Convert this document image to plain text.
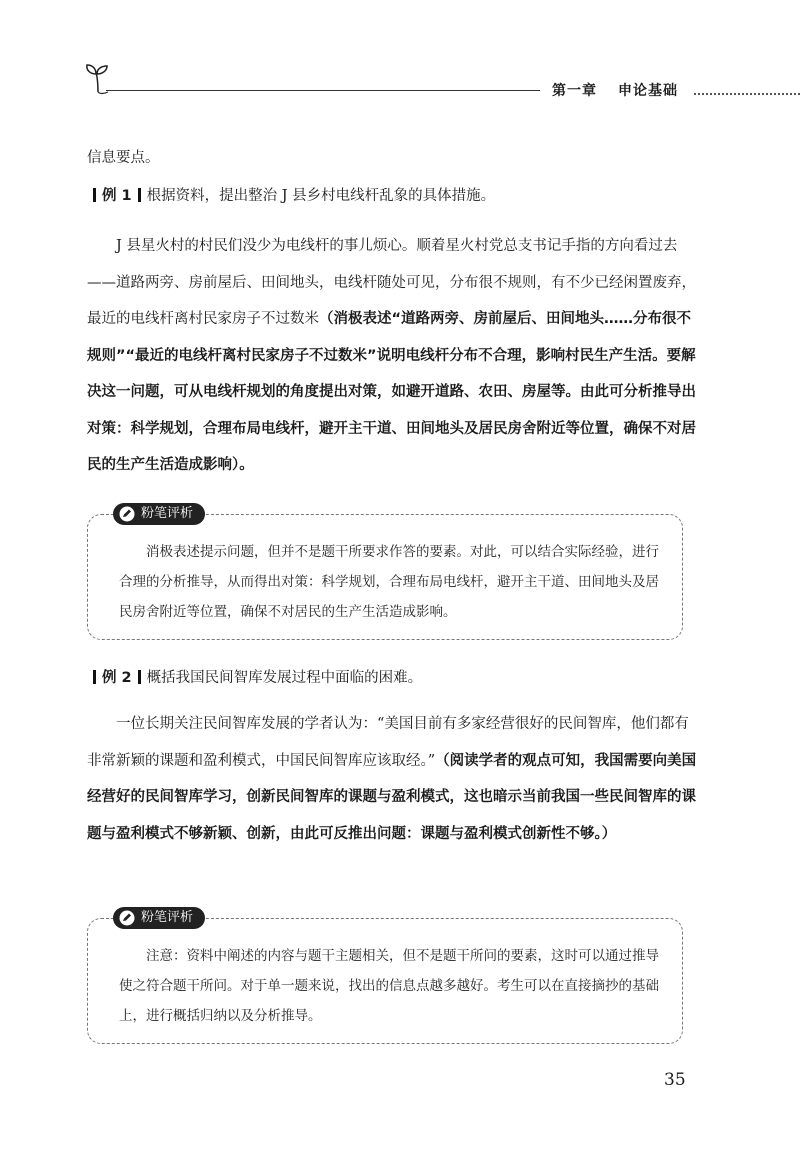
第一章 申论基础

信息要点。

例 1 根据资料，提出整治 J 县乡村电线杆乱象的具体措施。

J 县星火村的村民们没少为电线杆的事儿烦心。顺着星火村党总支书记手指的方向看过去——道路两旁、房前屋后、田间地头，电线杆随处可见，分布很不规则，有不少已经闲置废弃，最近的电线杆离村民家房子不过数米（消极表述“道路两旁、房前屋后、田间地头……分布很不规则”“最近的电线杆离村民家房子不过数米”说明电线杆分布不合理，影响村民生产生活。要解决这一问题，可从电线杆规划的角度提出对策，如避开道路、农田、房屋等。由此可分析推导出对策：科学规划，合理布局电线杆，避开主干道、田间地头及居民房舍附近等位置，确保不对居民的生产生活造成影响）。

粉笔评析

消极表述提示问题，但并不是题干所要求作答的要素。对此，可以结合实际经验，进行合理的分析推导，从而得出对策：科学规划，合理布局电线杆，避开主干道、田间地头及居民房舍附近等位置，确保不对居民的生产生活造成影响。

例 2 概括我国民间智库发展过程中面临的困难。

一位长期关注民间智库发展的学者认为：“美国目前有多家经营很好的民间智库，他们都有非常新颖的课题和盈利模式，中国民间智库应该取经。”（阅读学者的观点可知，我国需要向美国经营好的民间智库学习，创新民间智库的课题与盈利模式，这也暗示当前我国一些民间智库的课题与盈利模式不够新颖、创新，由此可反推出问题：课题与盈利模式创新性不够。）

粉笔评析

注意：资料中阐述的内容与题干主题相关，但不是题干所问的要素，这时可以通过推导使之符合题干所问。对于单一题来说，找出的信息点越多越好。考生可以在直接摘抄的基础上，进行概括归纳以及分析推导。

35
